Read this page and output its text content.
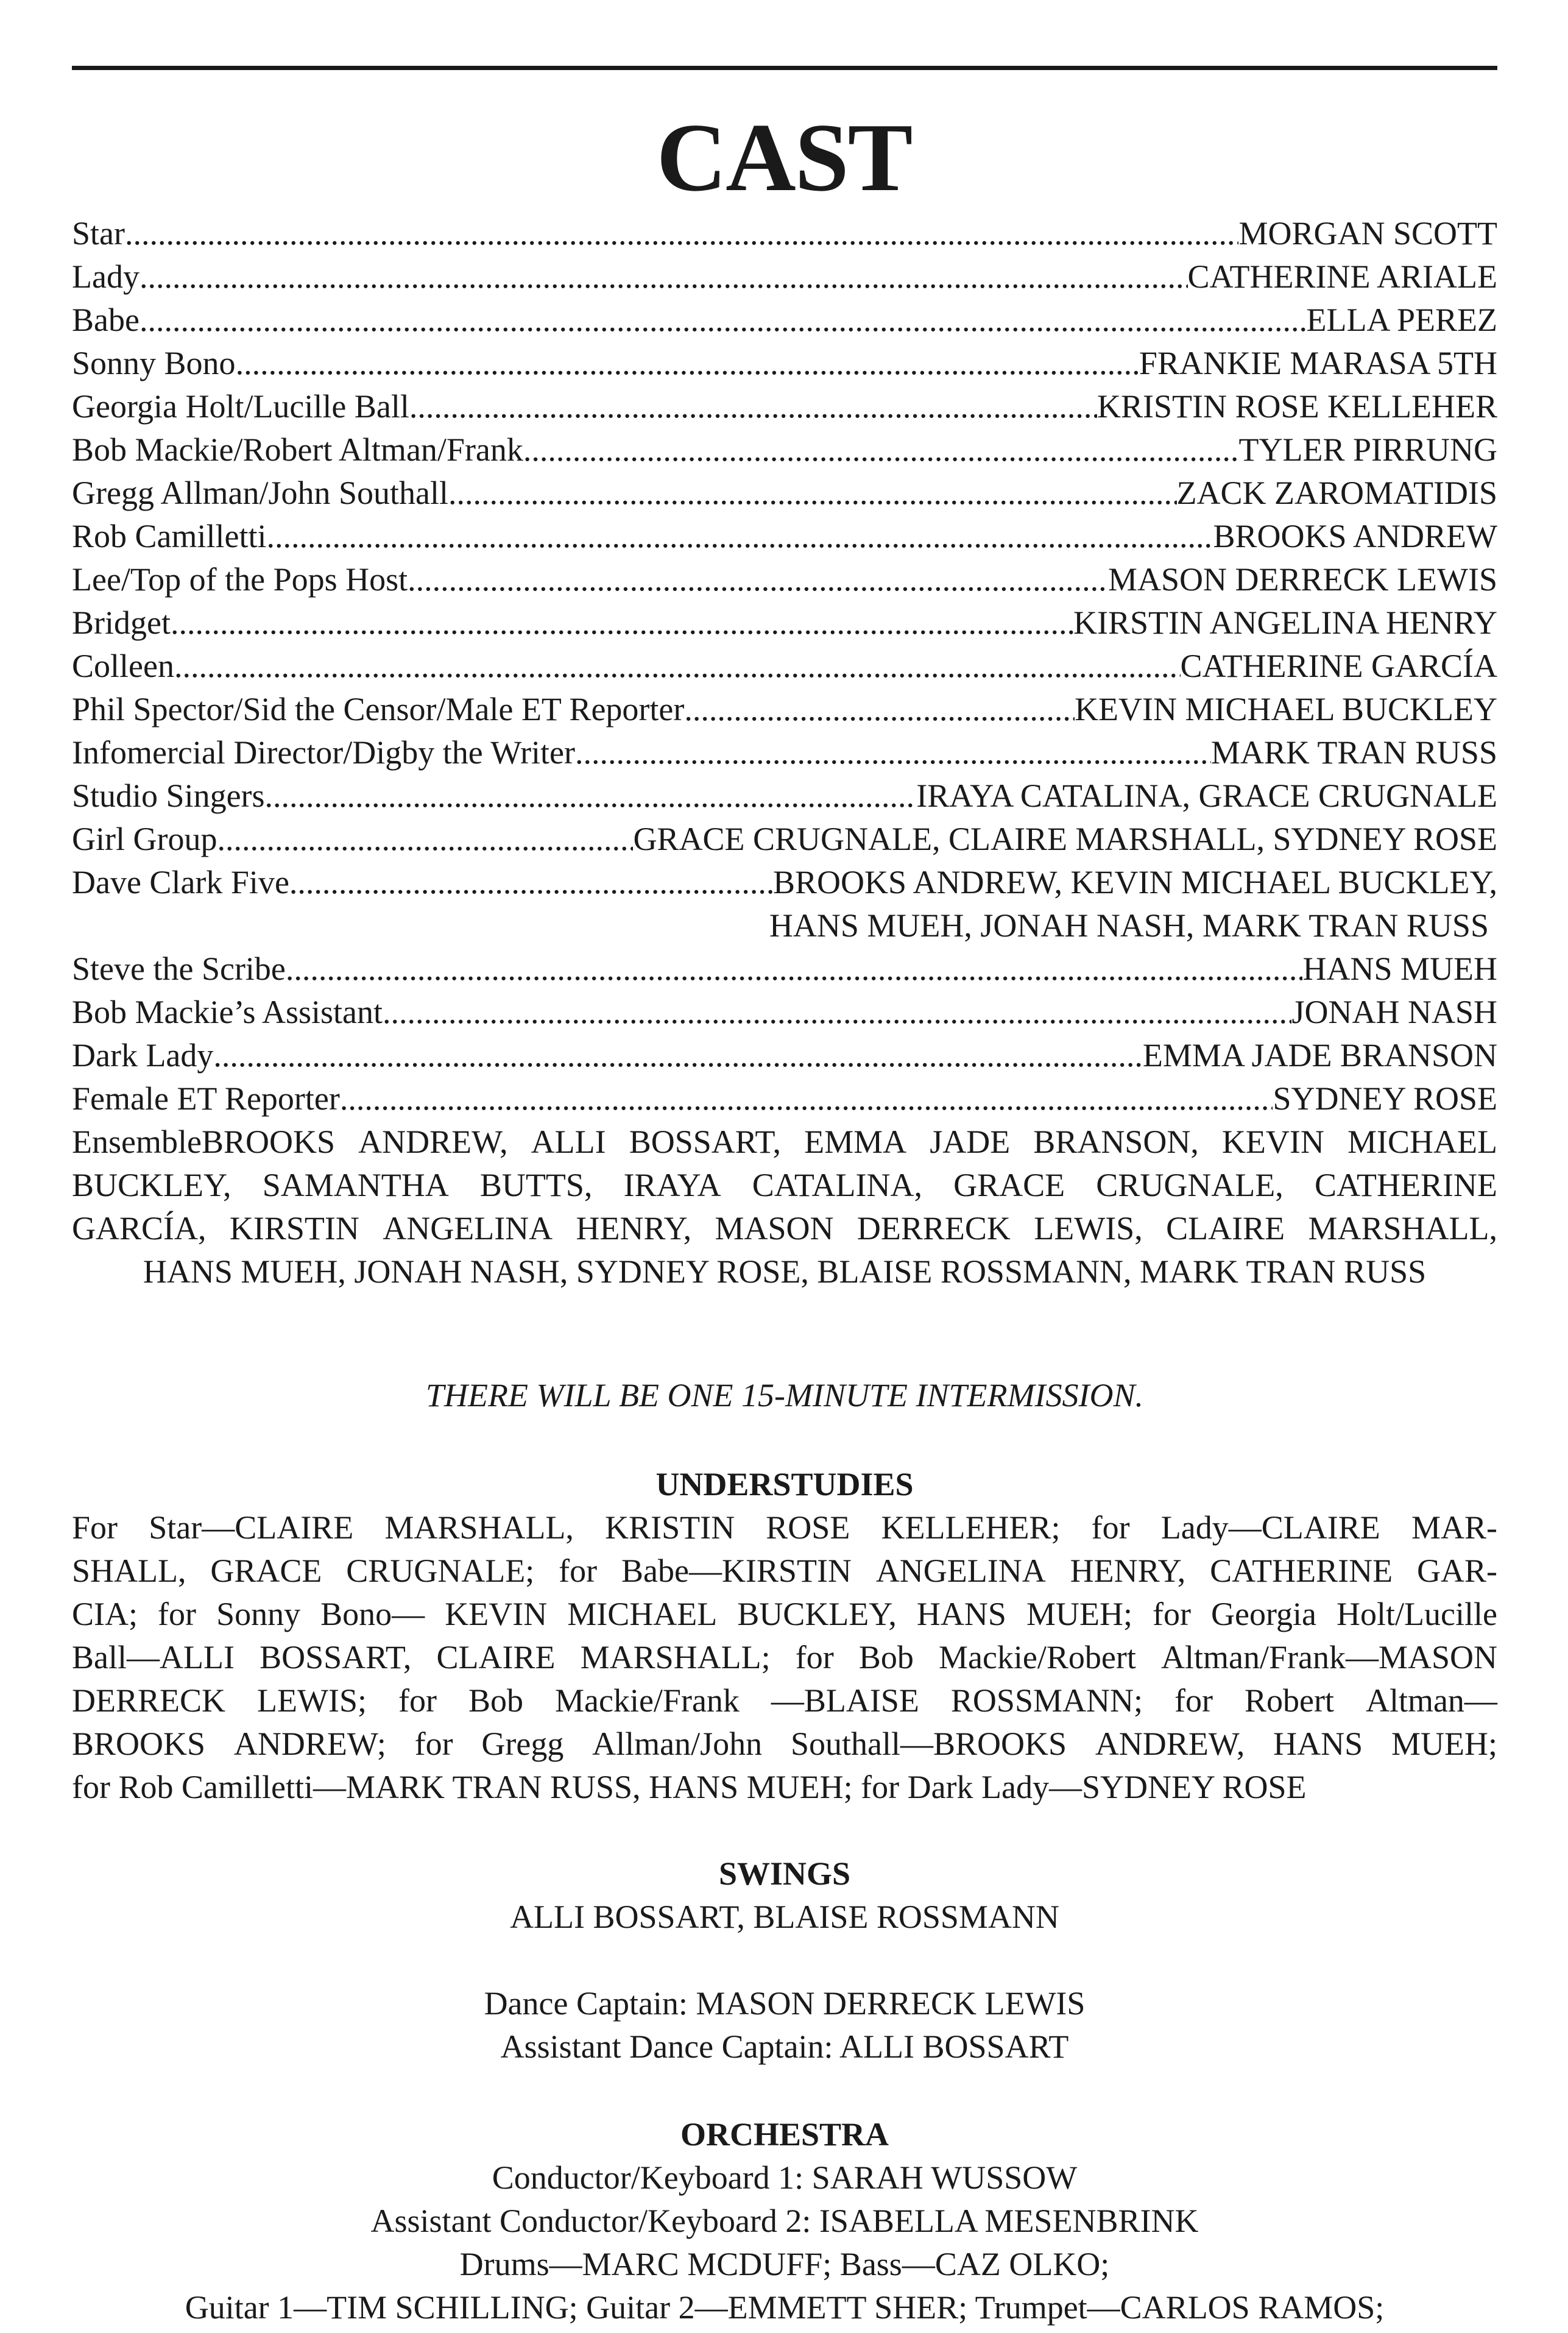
CAST
Star .....	MORGAN SCOTT
Lady .....	CATHERINE ARIALE
Babe .....	ELLA PEREZ
Sonny Bono .....	FRANKIE MARASA 5TH
Georgia Holt/Lucille Ball .....	KRISTIN ROSE KELLEHER
Bob Mackie/Robert Altman/Frank .....	TYLER PIRRUNG
Gregg Allman/John Southall .....	ZACK ZAROMATIDIS
Rob Camilletti .....	BROOKS ANDREW
Lee/Top of the Pops Host .....	MASON DERRECK LEWIS
Bridget .....	KIRSTIN ANGELINA HENRY
Colleen .....	CATHERINE GARCÍA
Phil Spector/Sid the Censor/Male ET Reporter .....	KEVIN MICHAEL BUCKLEY
Infomercial Director/Digby the Writer .....	MARK TRAN RUSS
Studio Singers .....	IRAYA CATALINA, GRACE CRUGNALE
Girl Group .....	GRACE CRUGNALE, CLAIRE MARSHALL, SYDNEY ROSE
Dave Clark Five .....	BROOKS ANDREW, KEVIN MICHAEL BUCKLEY,
HANS MUEH, JONAH NASH, MARK TRAN RUSS
Steve the Scribe .....	HANS MUEH
Bob Mackie’s Assistant .....	JONAH NASH
Dark Lady .....	EMMA JADE BRANSON
Female ET Reporter .....	SYDNEY ROSE
EnsembleBROOKS ANDREW, ALLI BOSSART, EMMA JADE BRANSON, KEVIN MICHAEL
BUCKLEY, SAMANTHA BUTTS, IRAYA CATALINA, GRACE CRUGNALE, CATHERINE
GARCÍA, KIRSTIN ANGELINA HENRY, MASON DERRECK LEWIS, CLAIRE MARSHALL,
HANS MUEH, JONAH NASH, SYDNEY ROSE, BLAISE ROSSMANN, MARK TRAN RUSS
THERE WILL BE ONE 15-MINUTE INTERMISSION.
UNDERSTUDIES
For Star—CLAIRE MARSHALL, KRISTIN ROSE KELLEHER; for Lady—CLAIRE MAR-
SHALL, GRACE CRUGNALE; for Babe—KIRSTIN ANGELINA HENRY, CATHERINE GAR-
CIA; for Sonny Bono— KEVIN MICHAEL BUCKLEY, HANS MUEH; for Georgia Holt/Lucille
Ball—ALLI BOSSART, CLAIRE MARSHALL; for Bob Mackie/Robert Altman/Frank—MASON
DERRECK LEWIS; for Bob Mackie/Frank —BLAISE ROSSMANN; for Robert Altman—
BROOKS ANDREW; for Gregg Allman/John Southall—BROOKS ANDREW, HANS MUEH;
for Rob Camilletti—MARK TRAN RUSS, HANS MUEH; for Dark Lady—SYDNEY ROSE
SWINGS
ALLI BOSSART, BLAISE ROSSMANN
Dance Captain: MASON DERRECK LEWIS
Assistant Dance Captain: ALLI BOSSART
ORCHESTRA
Conductor/Keyboard 1: SARAH WUSSOW
Assistant Conductor/Keyboard 2: ISABELLA MESENBRINK
Drums—MARC MCDUFF; Bass—CAZ OLKO;
Guitar 1—TIM SCHILLING; Guitar 2—EMMETT SHER; Trumpet—CARLOS RAMOS;
